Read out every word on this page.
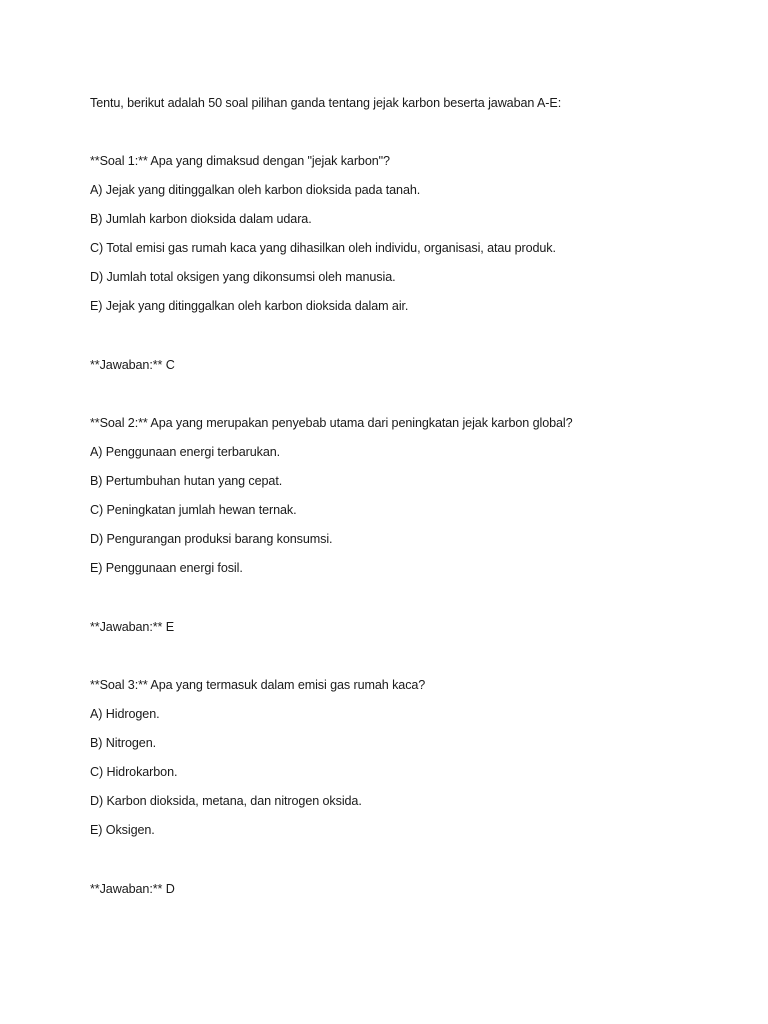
Tentu, berikut adalah 50 soal pilihan ganda tentang jejak karbon beserta jawaban A-E:
**Soal 1:** Apa yang dimaksud dengan "jejak karbon"?
A) Jejak yang ditinggalkan oleh karbon dioksida pada tanah.
B) Jumlah karbon dioksida dalam udara.
C) Total emisi gas rumah kaca yang dihasilkan oleh individu, organisasi, atau produk.
D) Jumlah total oksigen yang dikonsumsi oleh manusia.
E) Jejak yang ditinggalkan oleh karbon dioksida dalam air.
**Jawaban:** C
**Soal 2:** Apa yang merupakan penyebab utama dari peningkatan jejak karbon global?
A) Penggunaan energi terbarukan.
B) Pertumbuhan hutan yang cepat.
C) Peningkatan jumlah hewan ternak.
D) Pengurangan produksi barang konsumsi.
E) Penggunaan energi fosil.
**Jawaban:** E
**Soal 3:** Apa yang termasuk dalam emisi gas rumah kaca?
A) Hidrogen.
B) Nitrogen.
C) Hidrokarbon.
D) Karbon dioksida, metana, dan nitrogen oksida.
E) Oksigen.
**Jawaban:** D
